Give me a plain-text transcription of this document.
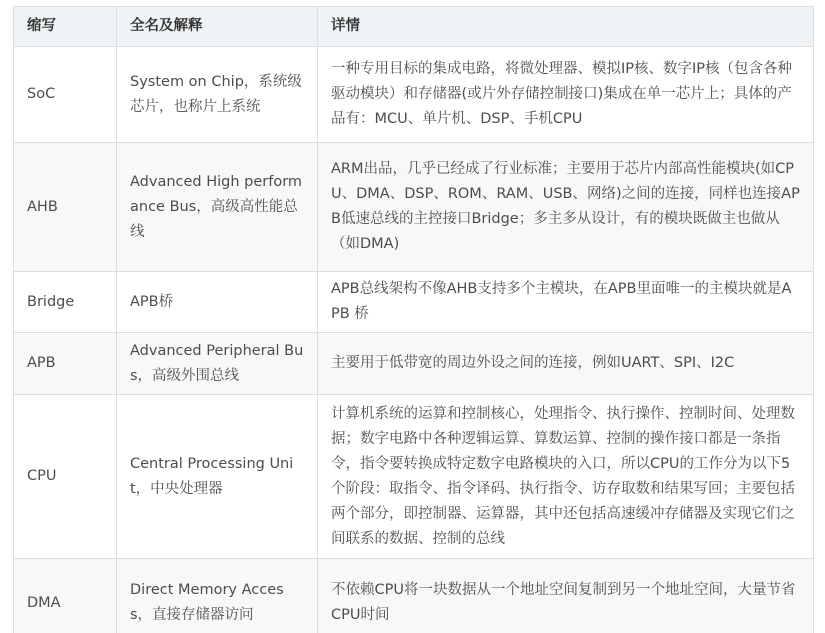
缩写	全名及解释	详情
SoC	System on Chip，系统级芯片，也称片上系统	一种专用目标的集成电路，将微处理器、模拟IP核、数字IP核（包含各种驱动模块）和存储器(或片外存储控制接口)集成在单一芯片上；具体的产品有：MCU、单片机、DSP、手机CPU
AHB	Advanced High performance Bus，高级高性能总线	ARM出品，几乎已经成了行业标准；主要用于芯片内部高性能模块(如CPU、DMA、DSP、ROM、RAM、USB、网络)之间的连接，同样也连接APB低速总线的主控接口Bridge；多主多从设计，有的模块既做主也做从（如DMA)
Bridge	APB桥	APB总线架构不像AHB支持多个主模块，在APB里面唯一的主模块就是APB 桥
APB	Advanced Peripheral Bus，高级外围总线	主要用于低带宽的周边外设之间的连接，例如UART、SPI、I2C
CPU	Central Processing Unit，中央处理器	计算机系统的运算和控制核心，处理指令、执行操作、控制时间、处理数据；数字电路中各种逻辑运算、算数运算、控制的操作接口都是一条指令，指令要转换成特定数字电路模块的入口，所以CPU的工作分为以下5个阶段：取指令、指令译码、执行指令、访存取数和结果写回；主要包括两个部分，即控制器、运算器，其中还包括高速缓冲存储器及实现它们之间联系的数据、控制的总线
DMA	Direct Memory Access，直接存储器访问	不依赖CPU将一块数据从一个地址空间复制到另一个地址空间，大量节省CPU时间
